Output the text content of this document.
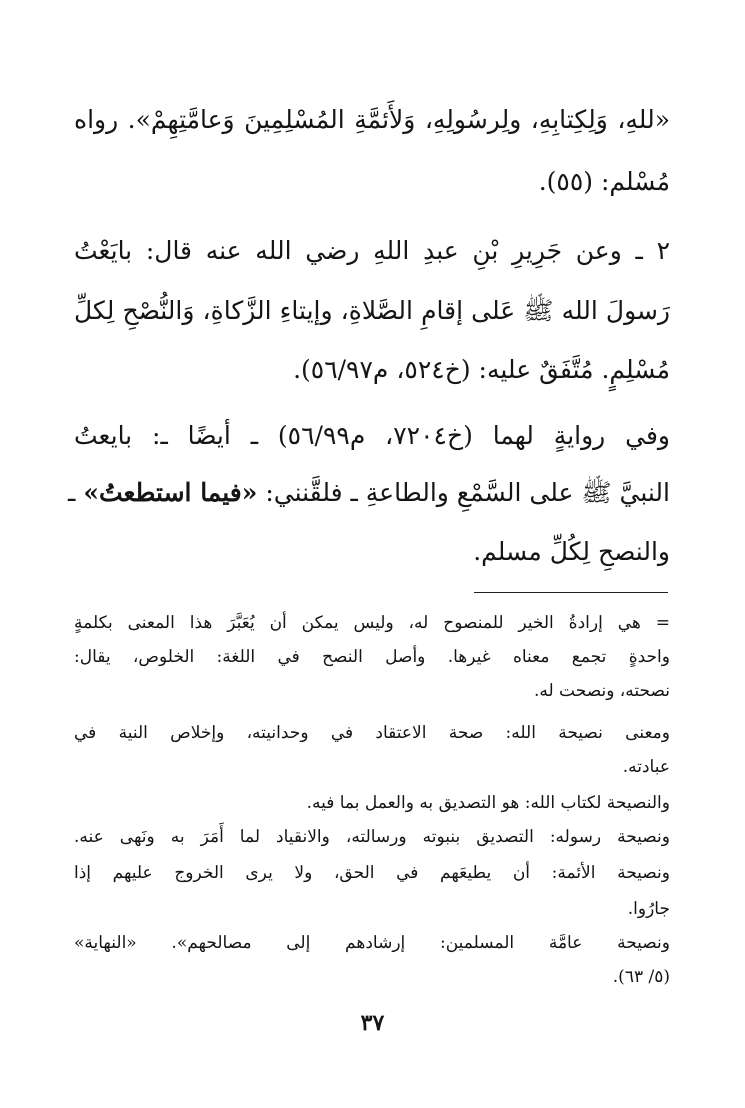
«للهِ، وَلِكِتابِهِ، ولِرسُولِهِ، وَلأَئمَّةِ المُسْلِمِينَ وَعامَّتِهِمْ». رواه
مُسْلم: (٥٥).
٢ ـ وعن جَرِيرِ بْنِ عبدِ اللهِ رضي الله عنه قال: بايَعْتُ
رَسولَ الله ﷺ عَلى إقامِ الصَّلاةِ، وإيتاءِ الزَّكاةِ، وَالنُّصْحِ لِكلِّ
مُسْلِمٍ. مُتَّفَقٌ عليه: (خ٥٢٤، م٥٦/٩٧).
وفي روايةٍ لهما (خ٧٢٠٤، م٥٦/٩٩) ـ أيضًا ـ: بايعتُ
النبيَّ ﷺ على السَّمْعِ والطاعةِ ـ فلقَّنني: «فيما استطعتُ» ـ
والنصحِ لِكُلِّ مسلم.
= هي إرادةُ الخير للمنصوح له، وليس يمكن أن يُعَبَّرَ هذا المعنى بكلمةٍ
واحدةٍ تجمع معناه غيرها. وأصل النصح في اللغة: الخلوص، يقال:
نصحته، ونصحت له.
ومعنى نصيحة الله: صحة الاعتقاد في وحدانيته، وإخلاص النية في
عبادته.
والنصيحة لكتاب الله: هو التصديق به والعمل بما فيه.
ونصيحة رسوله: التصديق بنبوته ورسالته، والانقياد لما أَمَرَ به ونَهى عنه.
ونصيحة الأئمة: أن يطيعَهم في الحق، ولا يرى الخروج عليهم إذا
جارُوا.
ونصيحة عامَّة المسلمين: إرشادهم إلى مصالحهم». «النهاية»
(٥/ ٦٣).
٣٧
